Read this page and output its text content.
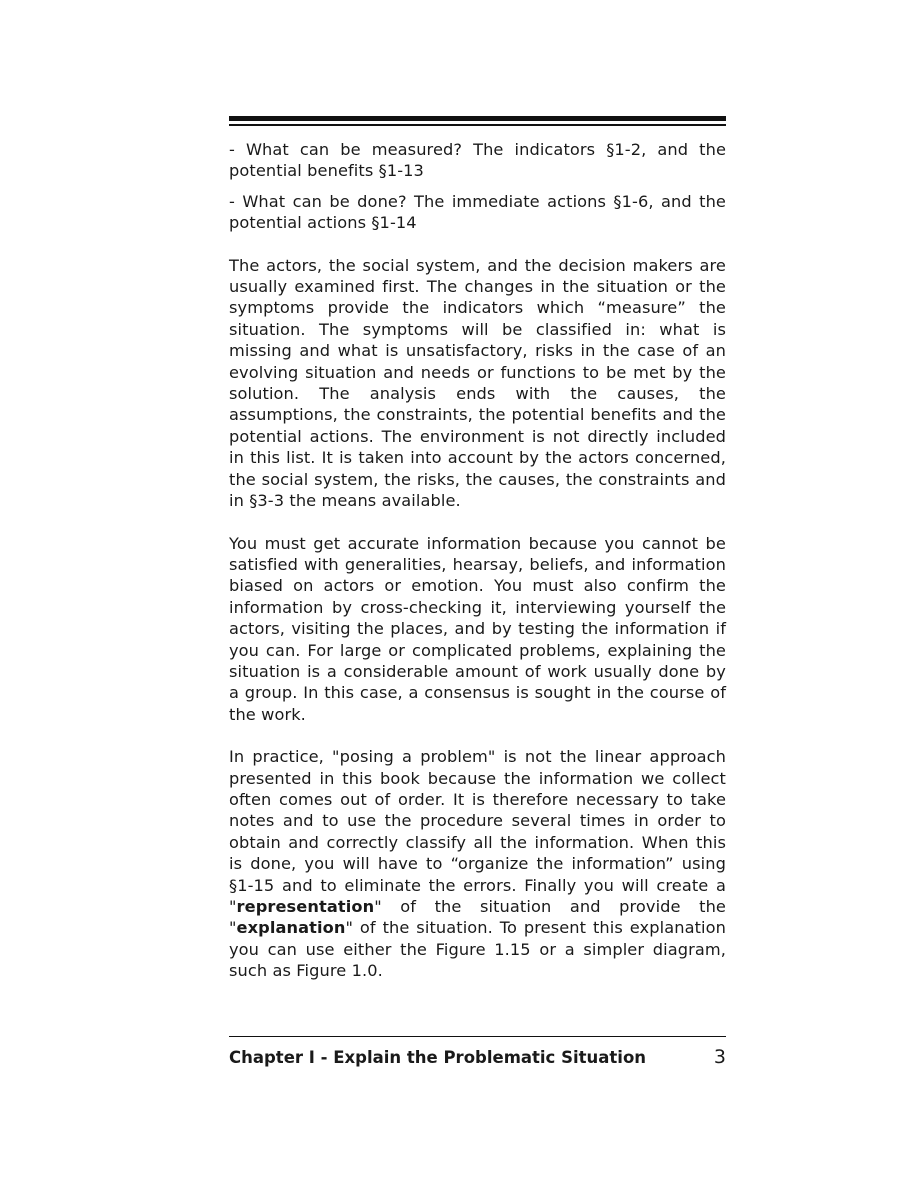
- What can be measured? The indicators §1-2, and the potential benefits §1-13

- What can be done? The immediate actions §1-6, and the potential actions §1-14

The actors, the social system, and the decision makers are usually examined first. The changes in the situation or the symptoms provide the indicators which “measure” the situation. The symptoms will be classified in: what is missing and what is unsatisfactory, risks in the case of an evolving situation and needs or functions to be met by the solution. The analysis ends with the causes, the assumptions, the constraints, the potential benefits and the potential actions. The environment is not directly included in this list. It is taken into account by the actors concerned, the social system, the risks, the causes, the constraints and in §3-3 the means available.

You must get accurate information because you cannot be satisfied with generalities, hearsay, beliefs, and information biased on actors or emotion. You must also confirm the information by cross-checking it, interviewing yourself the actors, visiting the places, and by testing the information if you can. For large or complicated problems, explaining the situation is a considerable amount of work usually done by a group. In this case, a consensus is sought in the course of the work.

In practice, "posing a problem" is not the linear approach presented in this book because the information we collect often comes out of order. It is therefore necessary to take notes and to use the procedure several times in order to obtain and correctly classify all the information. When this is done, you will have to “organize the information” using §1-15 and to eliminate the errors. Finally you will create a "representation" of the situation and provide the "explanation" of the situation. To present this explanation you can use either the Figure 1.15 or a simpler diagram, such as Figure 1.0.

Chapter I - Explain the Problematic Situation	3
